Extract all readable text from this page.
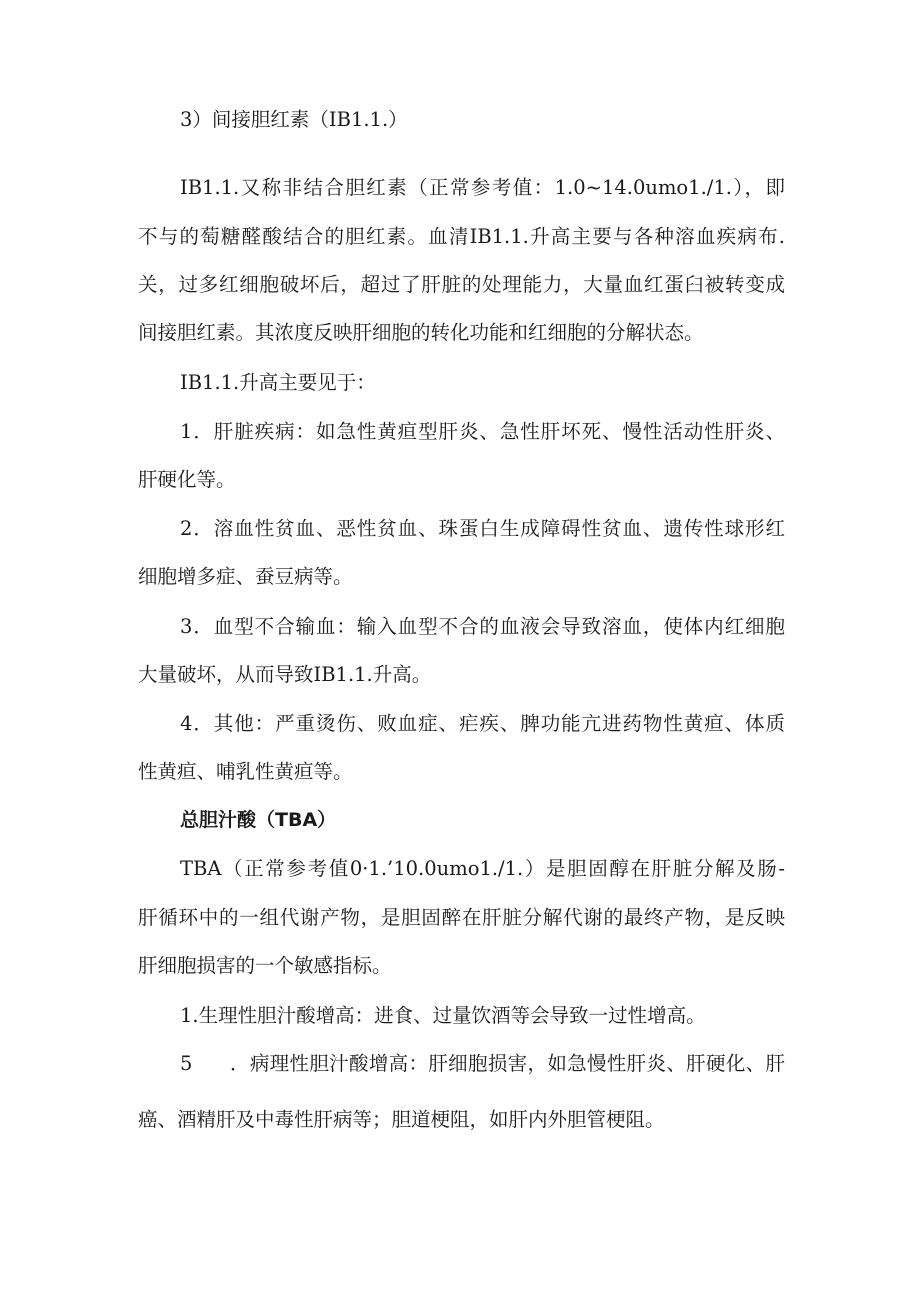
3）间接胆红素（IB1.1.）
IB1.1.又称非结合胆红素（正常参考值：1.0~14.0umo1./1.），即
不与的萄糖醛酸结合的胆红素。血清IB1.1.升高主要与各种溶血疾病布.
关，过多红细胞破坏后，超过了肝脏的处理能力，大量血红蛋臼被转变成
间接胆红素。其浓度反映肝细胞的转化功能和红细胞的分解状态。
IB1.1.升高主要见于：
1．肝脏疾病：如急性黄疸型肝炎、急性肝坏死、慢性活动性肝炎、
肝硬化等。
2．溶血性贫血、恶性贫血、珠蛋白生成障碍性贫血、遗传性球形红
细胞增多症、蚕豆病等。
3．血型不合输血：输入血型不合的血液会导致溶血，使体内红细胞
大量破坏，从而导致IB1.1.升高。
4．其他：严重烫伤、败血症、疟疾、脾功能亢进药物性黄疸、体质
性黄疸、哺乳性黄疸等。
总胆汁酸（TBA）
TBA（正常参考值0·1.’10.0umo1./1.）是胆固醇在肝脏分解及肠-
肝循环中的一组代谢产物，是胆固醉在肝脏分解代谢的最终产物，是反映
肝细胞损害的一个敏感指标。
1.生理性胆汁酸增高：进食、过量饮酒等会导致一过性增高。
5 ．病理性胆汁酸增高：肝细胞损害，如急慢性肝炎、肝硬化、肝
癌、酒精肝及中毒性肝病等；胆道梗阻，如肝内外胆管梗阻。
